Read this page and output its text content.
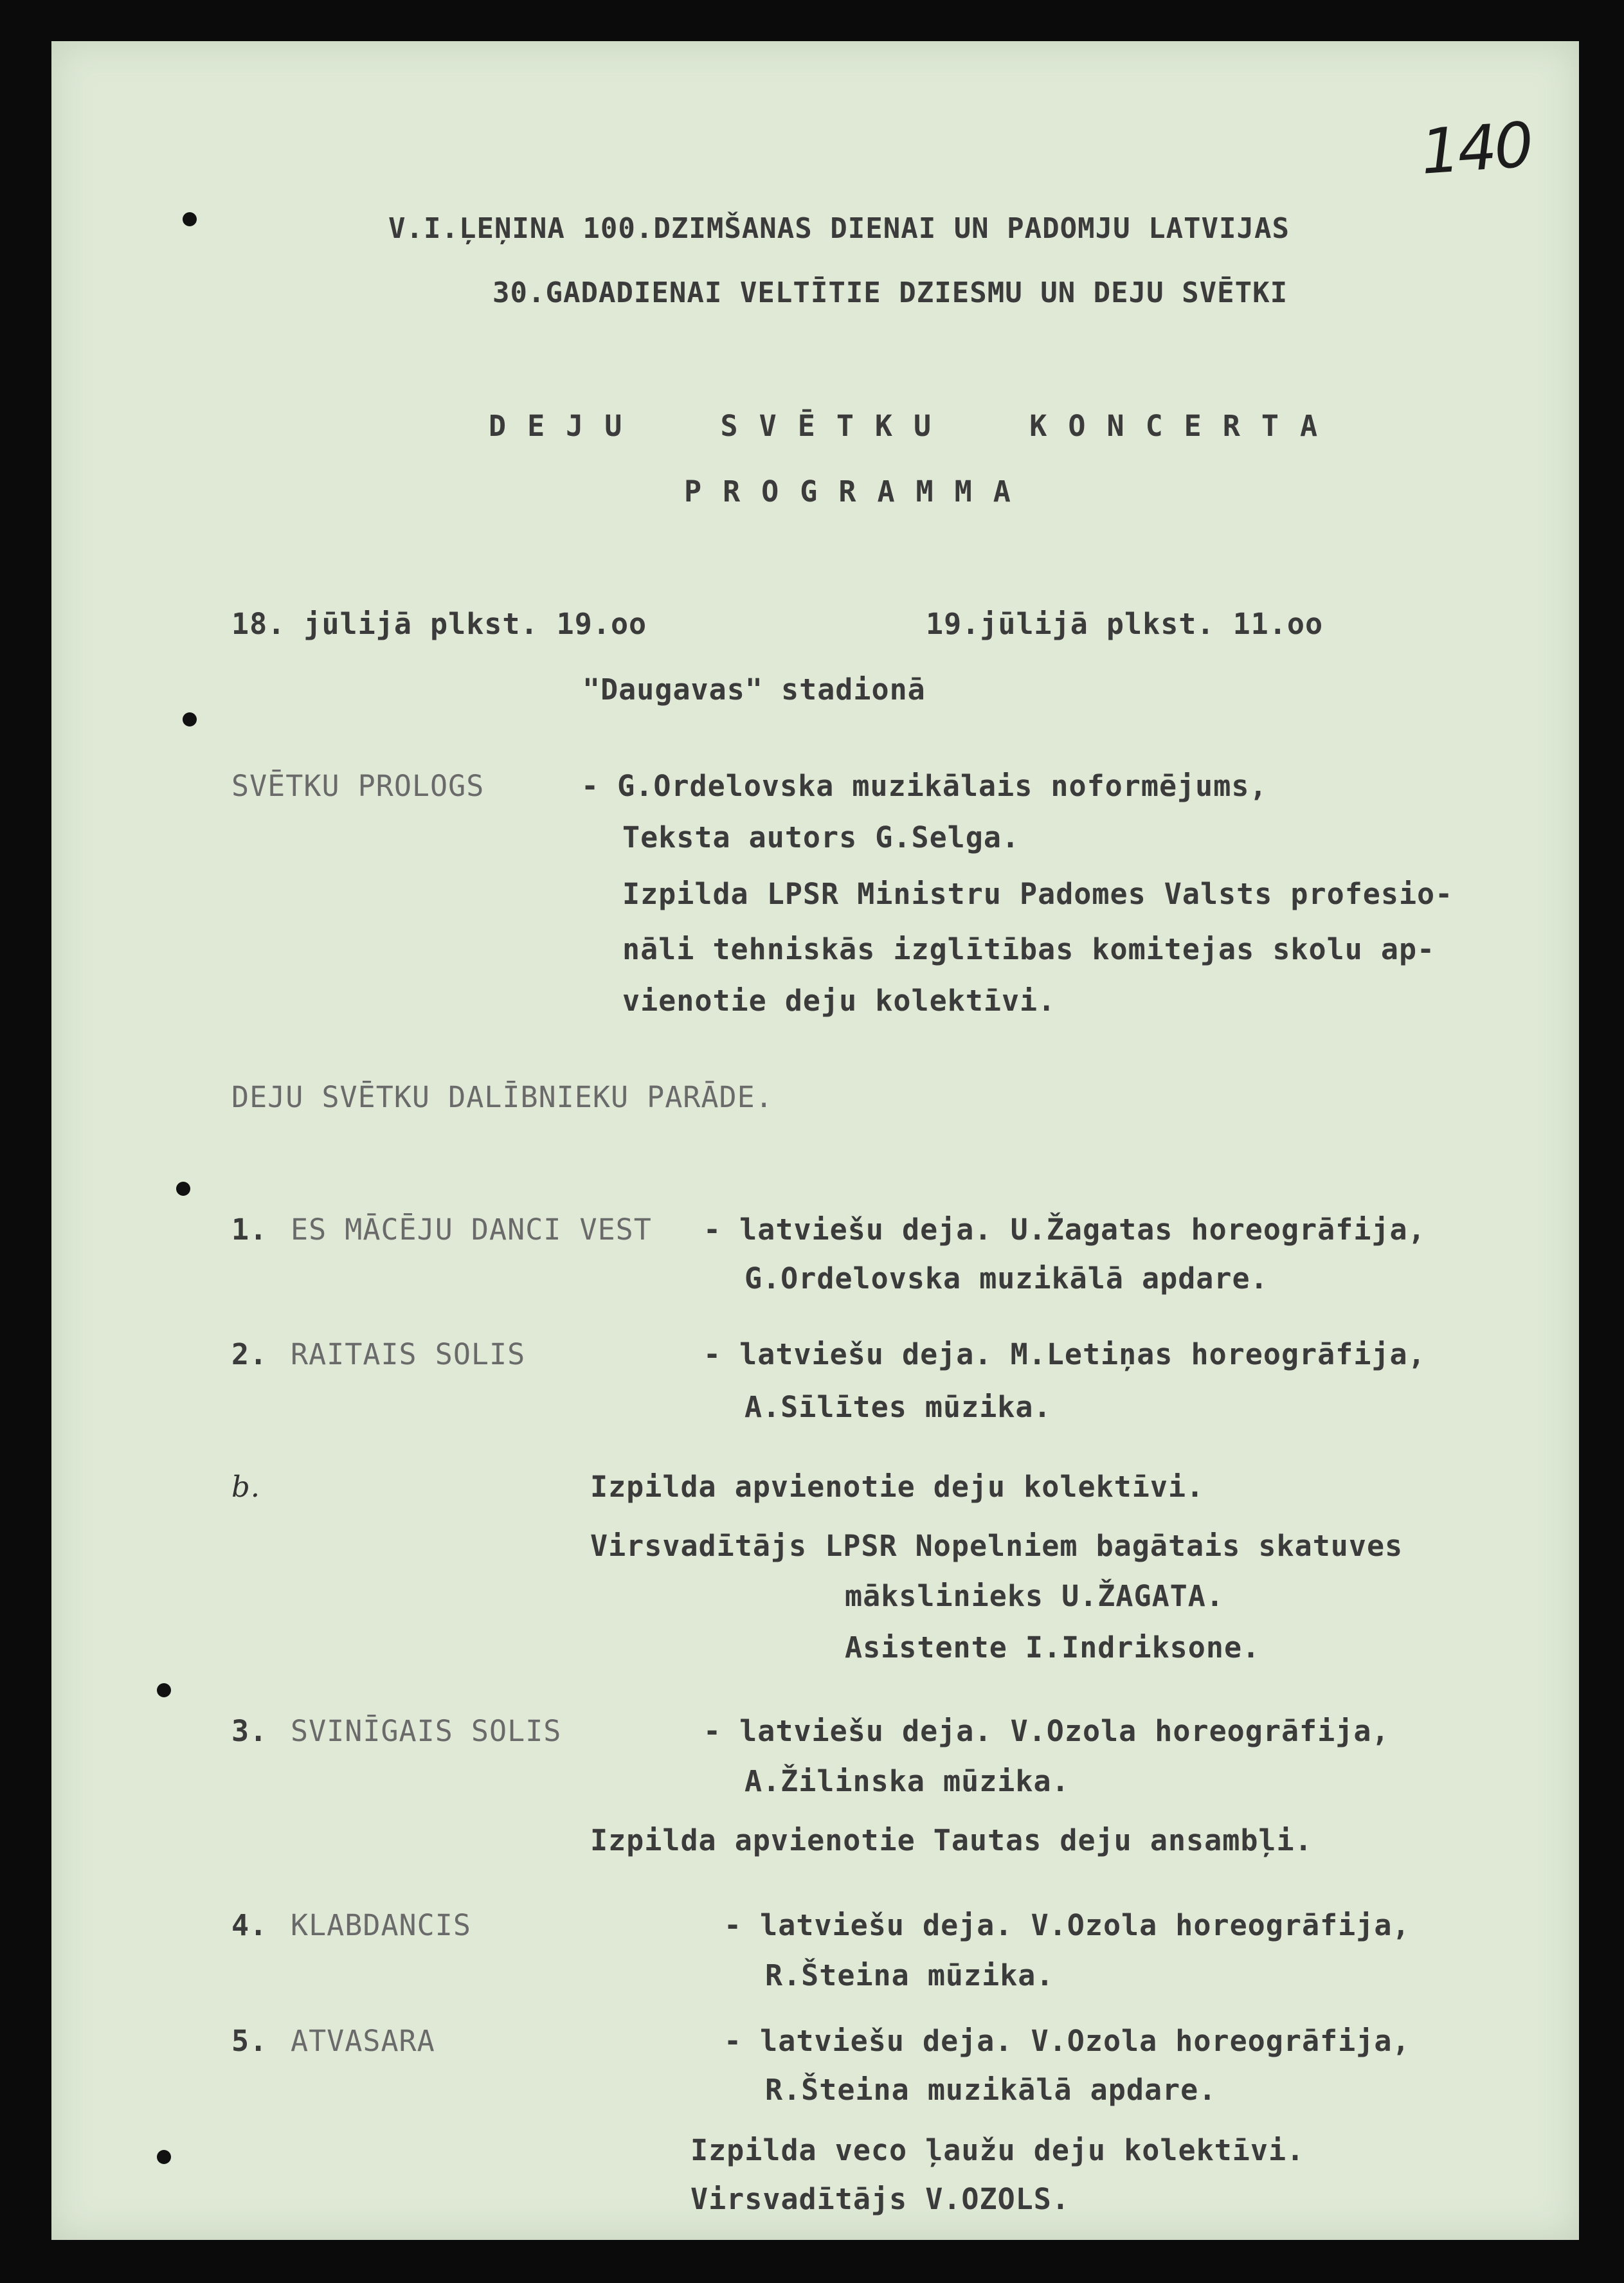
140
V.I.ĻEŅINA 100.DZIMŠANAS DIENAI UN PADOMJU LATVIJAS
30.GADADIENAI VELTĪTIE DZIESMU UN DEJU SVĒTKI
DEJU  SVĒTKU  KONCERTA
PROGRAMMA
18. jūlijā plkst. 19.oo	19.jūlijā plkst. 11.oo
"Daugavas" stadionā
SVĒTKU PROLOGS	- G.Ordelovska muzikālais noformējums,
Teksta autors G.Selga.
Izpilda LPSR Ministru Padomes Valsts profesio-
nāli tehniskās izglītības komitejas skolu ap-
vienotie deju kolektīvi.
DEJU SVĒTKU DALĪBNIEKU PARĀDE.
1. ES MĀCĒJU DANCI VEST - latviešu deja. U.Žagatas horeogrāfija,
G.Ordelovska muzikālā apdare.
2. RAITAIS SOLIS	- latviešu deja. M.Letiņas horeogrāfija,
A.Sīlītes mūzika.
b.	Izpilda apvienotie deju kolektīvi.
Virsvadītājs LPSR Nopelniem bagātais skatuves
mākslinieks U.ŽAGATA.
Asistente I.Indriksone.
3. SVINĪGAIS SOLIS	- latviešu deja. V.Ozola horeogrāfija,
A.Žilinska mūzika.
Izpilda apvienotie Tautas deju ansambļi.
4. KLABDANCIS	- latviešu deja. V.Ozola horeogrāfija,
R.Šteina mūzika.
5. ATVASARA	- latviešu deja. V.Ozola horeogrāfija,
R.Šteina muzikālā apdare.
Izpilda veco ļaužu deju kolektīvi.
Virsvadītājs V.OZOLS.
